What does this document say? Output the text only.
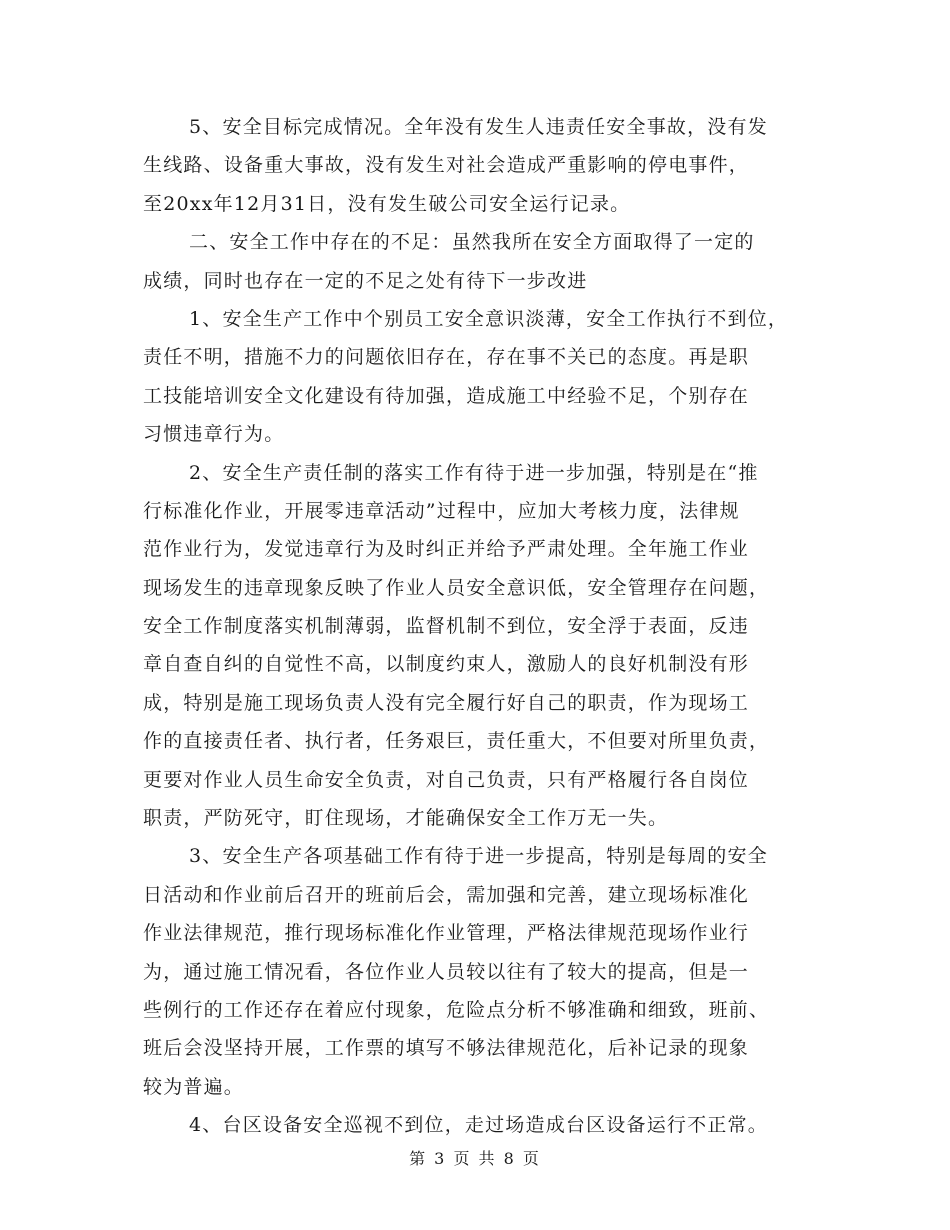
5、安全目标完成情况。全年没有发生人违责任安全事故，没有发
生线路、设备重大事故，没有发生对社会造成严重影响的停电事件，
至20xx年12月31日，没有发生破公司安全运行记录。
二、安全工作中存在的不足：虽然我所在安全方面取得了一定的
成绩，同时也存在一定的不足之处有待下一步改进
1、安全生产工作中个别员工安全意识淡薄，安全工作执行不到位，
责任不明，措施不力的问题依旧存在，存在事不关已的态度。再是职
工技能培训安全文化建设有待加强，造成施工中经验不足，个别存在
习惯违章行为。
2、安全生产责任制的落实工作有待于进一步加强，特别是在“推
行标准化作业，开展零违章活动”过程中，应加大考核力度，法律规
范作业行为，发觉违章行为及时纠正并给予严肃处理。全年施工作业
现场发生的违章现象反映了作业人员安全意识低，安全管理存在问题，
安全工作制度落实机制薄弱，监督机制不到位，安全浮于表面，反违
章自查自纠的自觉性不高，以制度约束人，激励人的良好机制没有形
成，特别是施工现场负责人没有完全履行好自己的职责，作为现场工
作的直接责任者、执行者，任务艰巨，责任重大，不但要对所里负责，
更要对作业人员生命安全负责，对自己负责，只有严格履行各自岗位
职责，严防死守，盯住现场，才能确保安全工作万无一失。
3、安全生产各项基础工作有待于进一步提高，特别是每周的安全
日活动和作业前后召开的班前后会，需加强和完善，建立现场标准化
作业法律规范，推行现场标准化作业管理，严格法律规范现场作业行
为，通过施工情况看，各位作业人员较以往有了较大的提高，但是一
些例行的工作还存在着应付现象，危险点分析不够准确和细致，班前、
班后会没坚持开展，工作票的填写不够法律规范化，后补记录的现象
较为普遍。
4、台区设备安全巡视不到位，走过场造成台区设备运行不正常。
第 3 页 共 8 页
